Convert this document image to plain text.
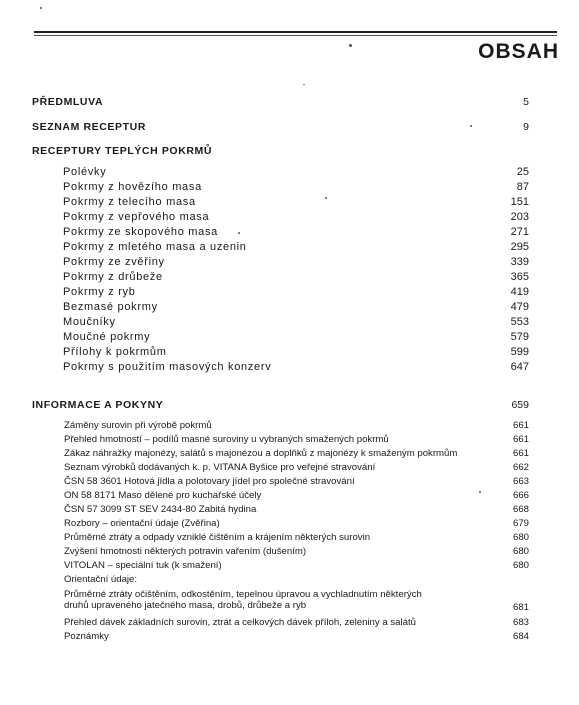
OBSAH
PŘEDMLUVA	5
SEZNAM RECEPTUR	9
RECEPTURY TEPLÝCH POKRMŮ
Polévky	25
Pokrmy z hovězího masa	87
Pokrmy z telecího masa	151
Pokrmy z vepřového masa	203
Pokrmy ze skopového masa	271
Pokrmy z mletého masa a uzenin	295
Pokrmy ze zvěřiny	339
Pokrmy z drůbeže	365
Pokrmy z ryb	419
Bezmasé pokrmy	479
Moučníky	553
Moučné pokrmy	579
Přílohy k pokrmům	599
Pokrmy s použitím masových konzerv	647
INFORMACE A POKYNY	659
Záměny surovin při výrobě pokrmů	661
Přehled hmotností – podílů masné suroviny u vybraných smažených pokrmů	661
Zákaz náhražky majonézy, salátů s majonézou a doplňků z majonézy k smaženým pokrmům	661
Seznam výrobků dodávaných k. p. VITANA Byšice pro veřejné stravování	662
ČSN 58 3601 Hotová jídla a polotovary jídel pro společné stravování	663
ON 58 8171 Maso dělené pro kuchařské účely	666
ČSN 57 3099 ST SEV 2434-80 Zabitá hydina	668
Rozbory – orientační údaje (Zvěřina)	679
Průměrné ztráty a odpady vzniklé čištěním a krájením některých surovin	680
Zvýšení hmotnosti některých potravin vařením (dušením)	680
VITOLAN – speciální tuk (k smažení)	680
Orientační údaje:
Průměrné ztráty očištěním, odkostěním, tepelnou úpravou a vychladnutím některých druhů upraveného jatečného masa, drobů, drůbeže a ryb	681
Přehled dávek základních surovin, ztrát a celkových dávek příloh, zeleniny a salátů	683
Poznámky	684
